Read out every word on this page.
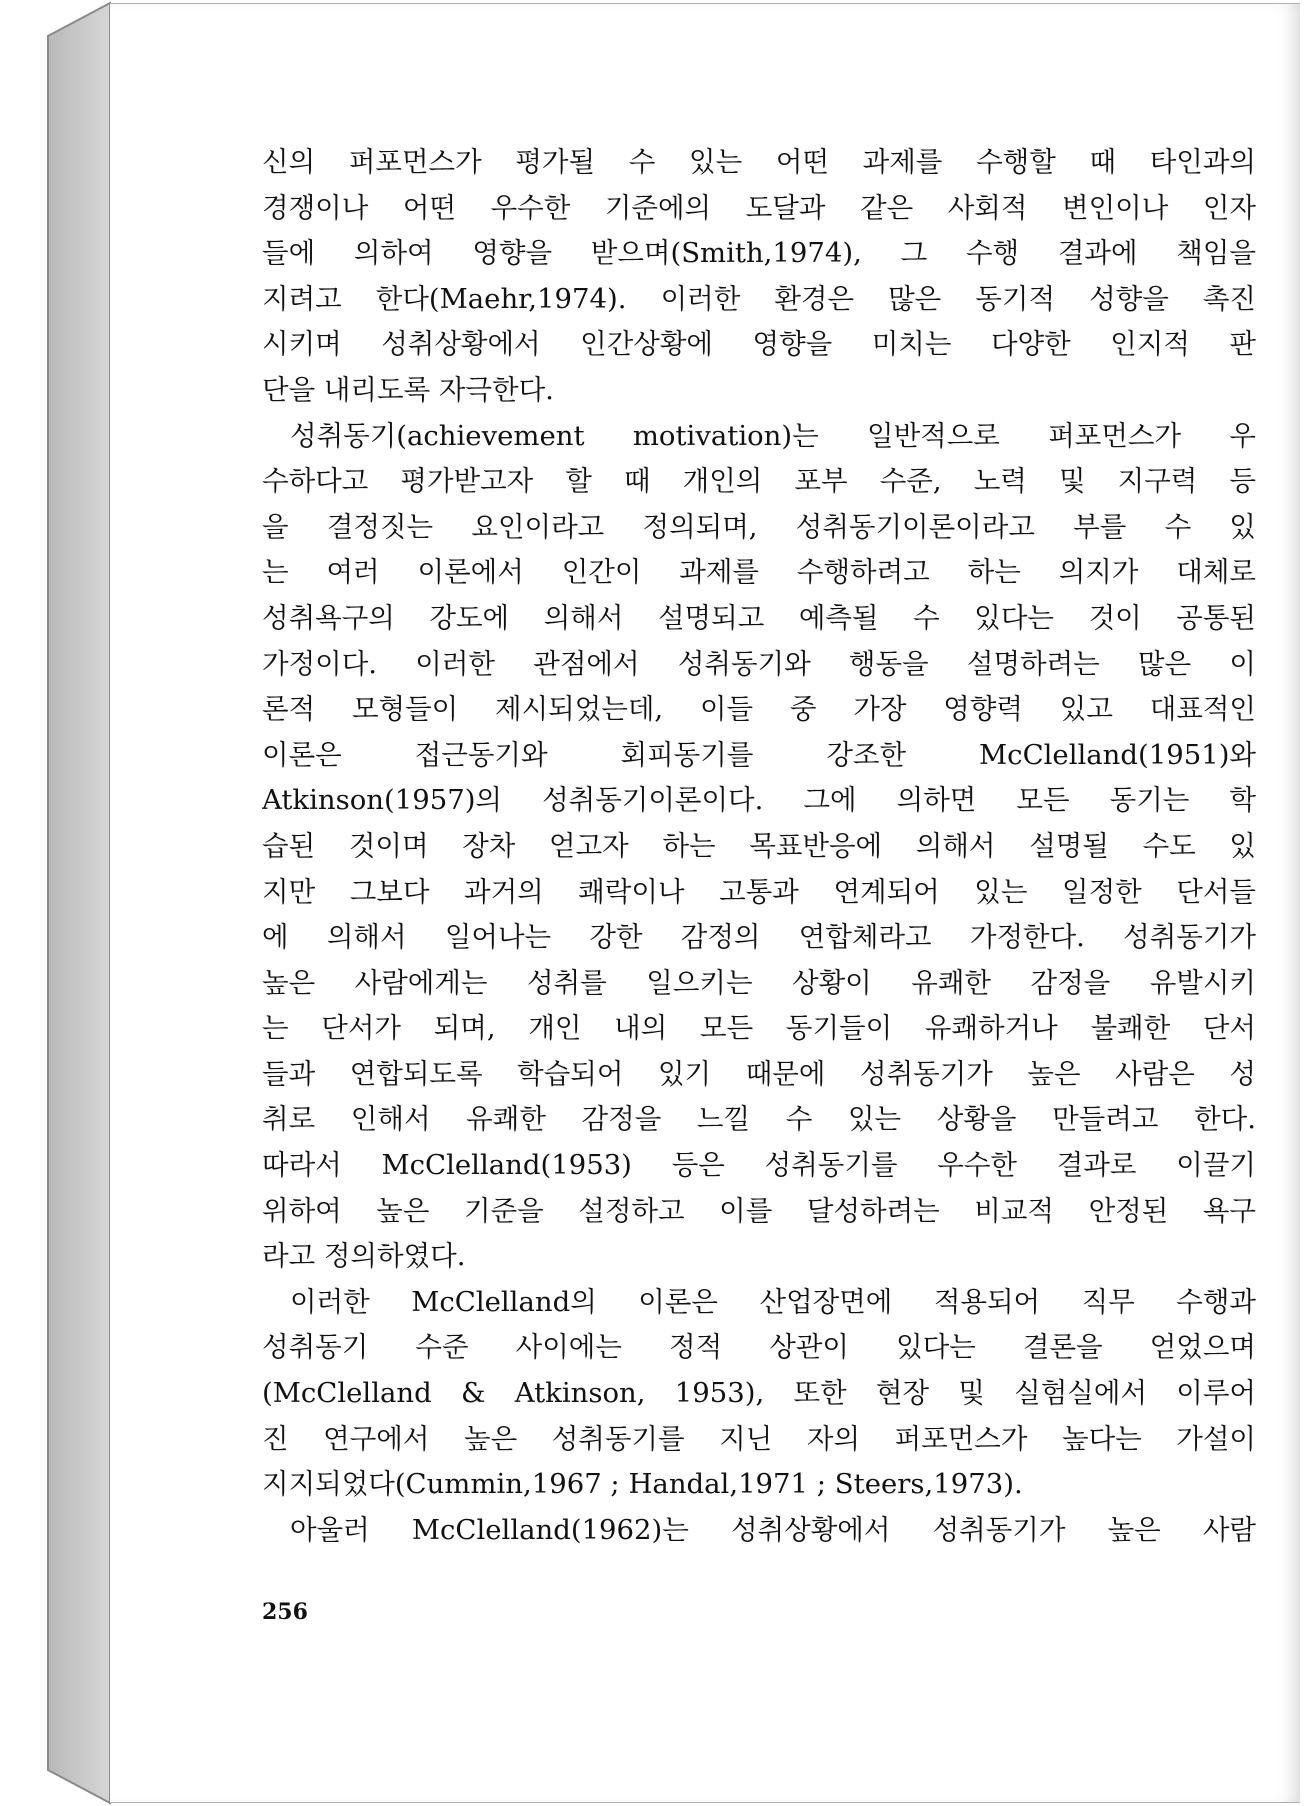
신의 퍼포먼스가 평가될 수 있는 어떤 과제를 수행할 때 타인과의
경쟁이나 어떤 우수한 기준에의 도달과 같은 사회적 변인이나 인자
들에 의하여 영향을 받으며(Smith,1974), 그 수행 결과에 책임을
지려고 한다(Maehr,1974). 이러한 환경은 많은 동기적 성향을 촉진
시키며 성취상황에서 인간상황에 영향을 미치는 다양한 인지적 판
단을 내리도록 자극한다.
성취동기(achievement motivation)는 일반적으로 퍼포먼스가 우
수하다고 평가받고자 할 때 개인의 포부 수준, 노력 및 지구력 등
을 결정짓는 요인이라고 정의되며, 성취동기이론이라고 부를 수 있
는 여러 이론에서 인간이 과제를 수행하려고 하는 의지가 대체로
성취욕구의 강도에 의해서 설명되고 예측될 수 있다는 것이 공통된
가정이다. 이러한 관점에서 성취동기와 행동을 설명하려는 많은 이
론적 모형들이 제시되었는데, 이들 중 가장 영향력 있고 대표적인
이론은 접근동기와 회피동기를 강조한 McClelland(1951)와
Atkinson(1957)의 성취동기이론이다. 그에 의하면 모든 동기는 학
습된 것이며 장차 얻고자 하는 목표반응에 의해서 설명될 수도 있
지만 그보다 과거의 쾌락이나 고통과 연계되어 있는 일정한 단서들
에 의해서 일어나는 강한 감정의 연합체라고 가정한다. 성취동기가
높은 사람에게는 성취를 일으키는 상황이 유쾌한 감정을 유발시키
는 단서가 되며, 개인 내의 모든 동기들이 유쾌하거나 불쾌한 단서
들과 연합되도록 학습되어 있기 때문에 성취동기가 높은 사람은 성
취로 인해서 유쾌한 감정을 느낄 수 있는 상황을 만들려고 한다.
따라서 McClelland(1953) 등은 성취동기를 우수한 결과로 이끌기
위하여 높은 기준을 설정하고 이를 달성하려는 비교적 안정된 욕구
라고 정의하였다.
이러한 McClelland의 이론은 산업장면에 적용되어 직무 수행과
성취동기 수준 사이에는 정적 상관이 있다는 결론을 얻었으며
(McClelland & Atkinson, 1953), 또한 현장 및 실험실에서 이루어
진 연구에서 높은 성취동기를 지닌 자의 퍼포먼스가 높다는 가설이
지지되었다(Cummin,1967 ; Handal,1971 ; Steers,1973).
아울러 McClelland(1962)는 성취상황에서 성취동기가 높은 사람
256
